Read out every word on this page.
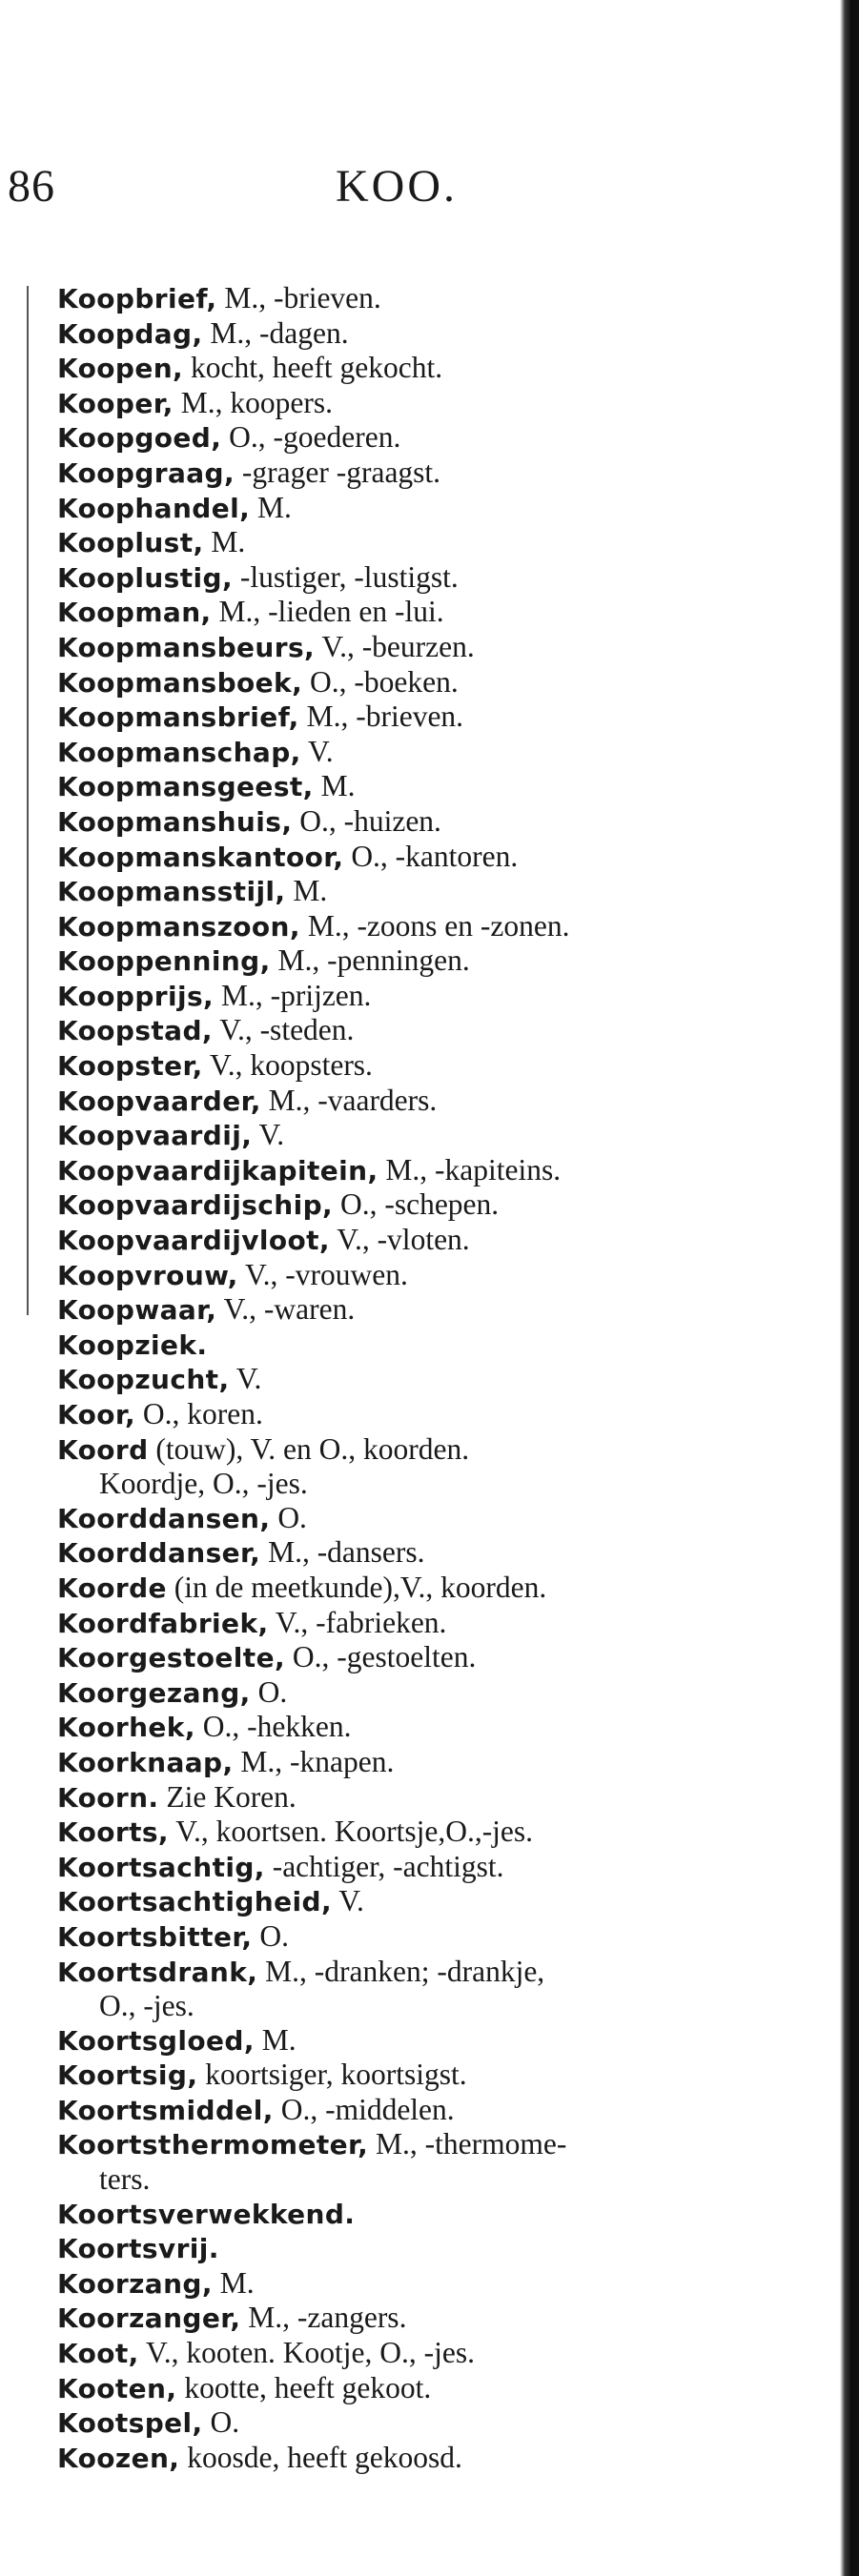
86	KOO.
Koopbrief, M., -brieven.
Koopdag, M., -dagen.
Koopen, kocht, heeft gekocht.
Kooper, M., koopers.
Koopgoed, O., -goederen.
Koopgraag, -grager -graagst.
Koophandel, M.
Kooplust, M.
Kooplustig, -lustiger, -lustigst.
Koopman, M., -lieden en -lui.
Koopmansbeurs, V., -beurzen.
Koopmansboek, O., -boeken.
Koopmansbrief, M., -brieven.
Koopmanschap, V.
Koopmansgeest, M.
Koopmanshuis, O., -huizen.
Koopmanskantoor, O., -kantoren.
Koopmansstijl, M.
Koopmanszoon, M., -zoons en -zonen.
Kooppenning, M., -penningen.
Koopprijs, M., -prijzen.
Koopstad, V., -steden.
Koopster, V., koopsters.
Koopvaarder, M., -vaarders.
Koopvaardij, V.
Koopvaardijkapitein, M., -kapiteins.
Koopvaardijschip, O., -schepen.
Koopvaardijvloot, V., -vloten.
Koopvrouw, V., -vrouwen.
Koopwaar, V., -waren.
Koopziek.
Koopzucht, V.
Koor, O., koren.
Koord (touw), V. en O., koorden.
Koordje, O., -jes.
Koorddansen, O.
Koorddanser, M., -dansers.
Koorde (in de meetkunde),V., koorden.
Koordfabriek, V., -fabrieken.
Koorgestoelte, O., -gestoelten.
Koorgezang, O.
Koorhek, O., -hekken.
Koorknaap, M., -knapen.
Koorn. Zie Koren.
Koorts, V., koortsen. Koortsje,O.,-jes.
Koortsachtig, -achtiger, -achtigst.
Koortsachtigheid, V.
Koortsbitter, O.
Koortsdrank, M., -dranken; -drankje,
O., -jes.
Koortsgloed, M.
Koortsig, koortsiger, koortsigst.
Koortsmiddel, O., -middelen.
Koortsthermometer, M., -thermome-
ters.
Koortsverwekkend.
Koortsvrij.
Koorzang, M.
Koorzanger, M., -zangers.
Koot, V., kooten. Kootje, O., -jes.
Kooten, kootte, heeft gekoot.
Kootspel, O.
Koozen, koosde, heeft gekoosd.
